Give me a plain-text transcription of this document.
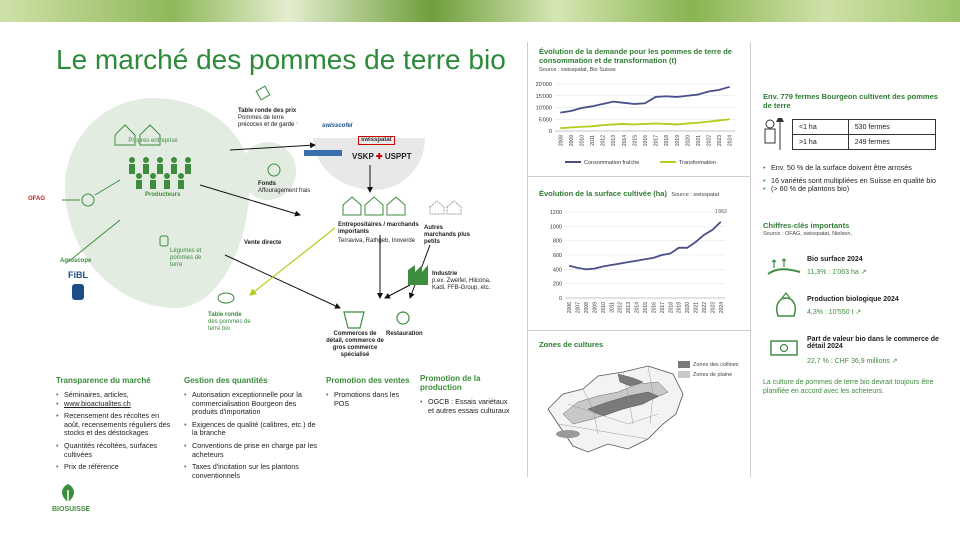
Le marché des pommes de terre bio
Propres entreprise
Producteurs
OFAG
Légumes et pommes de terre
Agroscope
FiBL
Table ronde des prix
Pommes de terre précoces et de garde
Fonds
Affouragement frais
swisscofel
swisspatat
VSKP ✚ USPPT
Vente directe
Entrepositaires / marchands importants
Terraviva, Rathgeb, Inoverde
Autres marchands plus petits
Industrie
p.ex. Zweifel, Hilcona, Kadi, FFB-Group, etc.
Table ronde
des pommes de terre bio
Commerces de détail, commerce de gros commerce spécialisé
Restauration
Transparence du marché
• Séminaires, articles,
• www.bioactualites.ch
• Recensement des récoltes en août, recensements réguliers des stocks et des déstockages
• Quantités récoltées, surfaces cultivées
• Prix de référence
Gestion des quantités
• Autorisation exceptionnelle pour la commercialisation Bourgeon des produits d'importation
• Exigences de qualité (calibres, etc.) de la branche
• Conventions de prise en charge par les acheteurs
• Taxes d'incitation sur les plantons conventionnels
Promotion des ventes
• Promotions dans les POS
Promotion de la production
• OGCB : Essais variétaux et autres essais culturaux
BIOSUISSE
Évolution de la demande pour les pommes de terre de consommation et de transformation (t)
Source : swisspatat, Bio Suisse
20'000
15'000
10'000
5'000
0
2008 2009 2010 2011 2012 2013 2014 2015 2016 2017 2018 2019 2020 2021 2022 2023 2024
Consommation fraîche	Transformation
Évolution de la surface cultivée (ha) Source : swisspatat
1200
1000
800
600
400
200
0
2006 2007 2008 2009 2010 2011 2012 2013 2014 2015 2016 2017 2018 2019 2020 2021 2022 2023 2024
1'063
Zones de cultures
Zones des collines
Zones de plaine
Env. 779 fermes Bourgeon cultivent des pommes de terre
<1 ha	530 fermes
>1 ha	249 fermes
• Env. 50 % de la surface doivent être arrosés
• 16 variétés sont multipliées en Suisse en qualité bio
• (> 60 % de plantons bio)
Chiffres-clés importants
Source : OFAG, swisspatat, Nielsen,
Bio surface 2024
11,3% : 1'063 ha ↗
Production biologique 2024
4,3% : 10'550 t ↗
Part de valeur bio dans le commerce de détail 2024
22,7 % : CHF 36,9 millions ↗
La culture de pommes de terre bio devrait toujours être planifiée en accord avec les acheteurs.
